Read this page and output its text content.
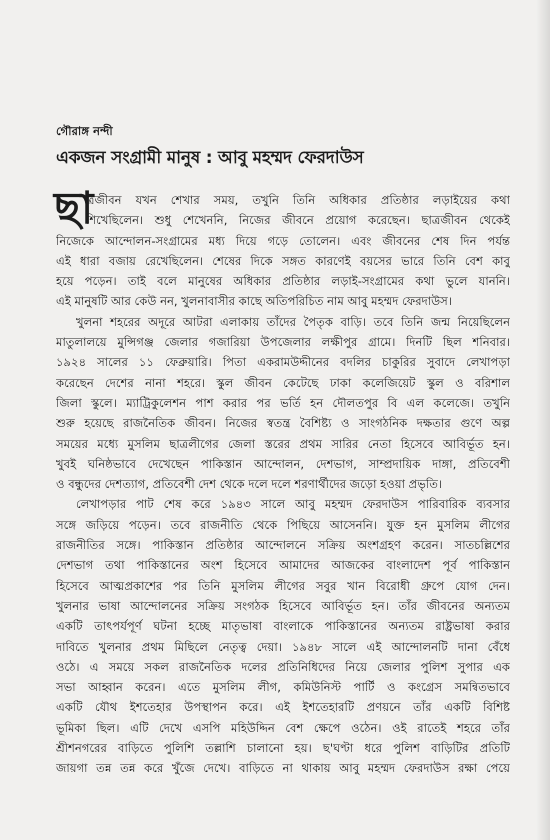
গৌরাঙ্গ নন্দী
একজন সংগ্রামী মানুষ : আবু মহম্মদ ফেরদাউস
ছা
ত্রজীবন যখন শেখার সময়, তখুনি তিনি অধিকার প্রতিষ্ঠার লড়াইয়ের কথা
শিখেছিলেন। শুধু শেখেননি, নিজের জীবনে প্রয়োগ করেছেন। ছাত্রজীবন থেকেই
নিজেকে আন্দোলন-সংগ্রামের মধ্য দিয়ে গড়ে তোলেন। এবং জীবনের শেষ দিন পর্যন্ত
এই ধারা বজায় রেখেছিলেন। শেষের দিকে সঙ্গত কারণেই বয়সের ভারে তিনি বেশ কাবু
হয়ে পড়েন। তাই বলে মানুষের অধিকার প্রতিষ্ঠার লড়াই-সংগ্রামের কথা ভুলে যাননি।
এই মানুষটি আর কেউ নন, খুলনাবাসীর কাছে অতিপরিচিত নাম আবু মহম্মদ ফেরদাউস।
খুলনা শহরের অদূরে আটরা এলাকায় তাঁদের পৈতৃক বাড়ি। তবে তিনি জন্ম নিয়েছিলেন
মাতুলালয়ে মুন্সিগঞ্জ জেলার গজারিয়া উপজেলার লক্ষীপুর গ্রামে। দিনটি ছিল শনিবার।
১৯২৪ সালের ১১ ফেব্রুয়ারি। পিতা একরামউদ্দীনের বদলির চাকুরির সুবাদে লেখাপড়া
করেছেন দেশের নানা শহরে। স্কুল জীবন কেটেছে ঢাকা কলেজিয়েট স্কুল ও বরিশাল
জিলা স্কুলে। ম্যাট্রিকুলেশন পাশ করার পর ভর্তি হন দৌলতপুর বি এল কলেজে। তখুনি
শুরু হয়েছে রাজনৈতিক জীবন। নিজের স্বতন্ত্র বৈশিষ্ট্য ও সাংগঠনিক দক্ষতার গুণে অল্প
সময়ের মধ্যে মুসলিম ছাত্রলীগের জেলা স্তরের প্রথম সারির নেতা হিসেবে আবির্ভূত হন।
খুবই ঘনিষ্ঠভাবে দেখেছেন পাকিস্তান আন্দোলন, দেশভাগ, সাম্প্রদায়িক দাঙ্গা, প্রতিবেশী
ও বন্ধুদের দেশত্যাগ, প্রতিবেশী দেশ থেকে দলে দলে শরণার্থীদের জড়ো হওয়া প্রভৃতি।
লেখাপড়ার পাট শেষ করে ১৯৪৩ সালে আবু মহম্মদ ফেরদাউস পারিবারিক ব্যবসার
সঙ্গে জড়িয়ে পড়েন। তবে রাজনীতি থেকে পিছিয়ে আসেননি। যুক্ত হন মুসলিম লীগের
রাজনীতির সঙ্গে। পাকিস্তান প্রতিষ্ঠার আন্দোলনে সক্রিয় অংশগ্রহণ করেন। সাতচল্লিশের
দেশভাগ তথা পাকিস্তানের অংশ হিসেবে আমাদের আজকের বাংলাদেশ পূর্ব পাকিস্তান
হিসেবে আত্মপ্রকাশের পর তিনি মুসলিম লীগের সবুর খান বিরোধী গ্রুপে যোগ দেন।
খুলনার ভাষা আন্দোলনের সক্রিয় সংগঠক হিসেবে আবির্ভূত হন। তাঁর জীবনের অন্যতম
একটি তাৎপর্যপূর্ণ ঘটনা হচ্ছে মাতৃভাষা বাংলাকে পাকিস্তানের অন্যতম রাষ্ট্রভাষা করার
দাবিতে খুলনার প্রথম মিছিলে নেতৃত্ব দেয়া। ১৯৪৮ সালে এই আন্দোলনটি দানা বেঁধে
ওঠে। এ সময়ে সকল রাজনৈতিক দলের প্রতিনিধিদের নিয়ে জেলার পুলিশ সুপার এক
সভা আহ্বান করেন। এতে মুসলিম লীগ, কমিউনিস্ট পার্টি ও কংগ্রেস সমন্বিতভাবে
একটি যৌথ ইশতেহার উপস্থাপন করে। এই ইশতেহারটি প্রণয়নে তাঁর একটি বিশিষ্ট
ভূমিকা ছিল। এটি দেখে এসপি মহিউদ্দিন বেশ ক্ষেপে ওঠেন। ওই রাতেই শহরে তাঁর
শ্রীশনগরের বাড়িতে পুলিশি তল্লাশি চালানো হয়। ছ'ঘণ্টা ধরে পুলিশ বাড়িটির প্রতিটি
জায়গা তন্ন তন্ন করে খুঁজে দেখে। বাড়িতে না থাকায় আবু মহম্মদ ফেরদাউস রক্ষা পেয়ে
